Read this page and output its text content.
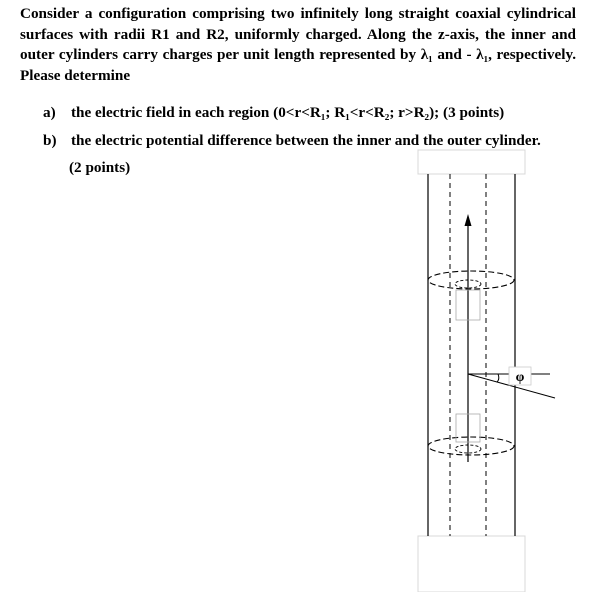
Consider a configuration comprising two infinitely long straight coaxial cylindrical surfaces with radii R1 and R2, uniformly charged. Along the z-axis, the inner and outer cylinders carry charges per unit length represented by λ₁ and - λ₁, respectively. Please determine
a) the electric field in each region (0<r<R₁; R₁<r<R₂; r>R₂); (3 points)
b) the electric potential difference between the inner and the outer cylinder.
(2 points)
φ
